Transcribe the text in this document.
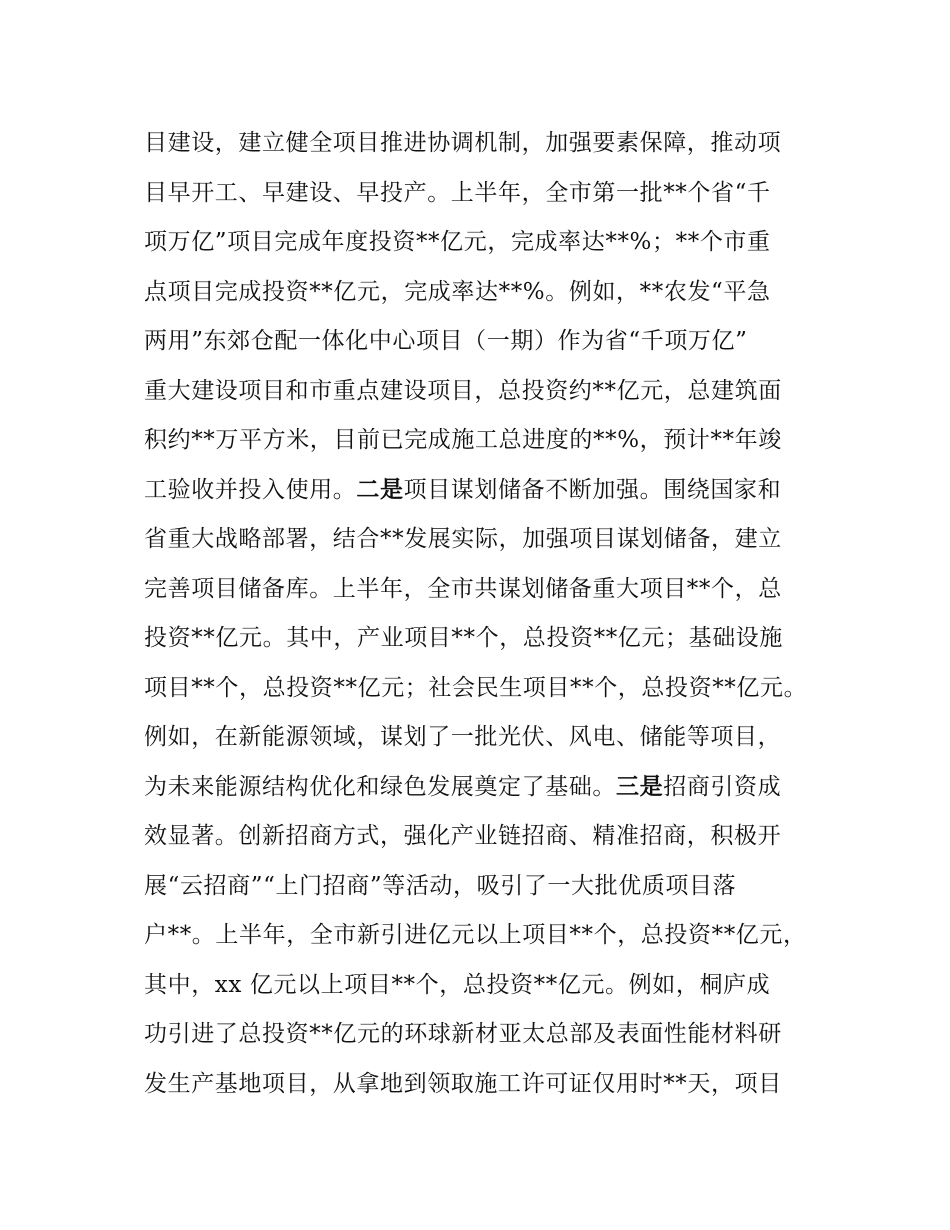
目建设，建立健全项目推进协调机制，加强要素保障，推动项
目早开工、早建设、早投产。上半年，全市第一批**个省“千
项万亿”项目完成年度投资**亿元，完成率达**%；**个市重
点项目完成投资**亿元，完成率达**%。例如，**农发“平急
两用”东郊仓配一体化中心项目（一期）作为省“千项万亿”
重大建设项目和市重点建设项目，总投资约**亿元，总建筑面
积约**万平方米，目前已完成施工总进度的**%，预计**年竣
工验收并投入使用。二是项目谋划储备不断加强。围绕国家和
省重大战略部署，结合**发展实际，加强项目谋划储备，建立
完善项目储备库。上半年，全市共谋划储备重大项目**个，总
投资**亿元。其中，产业项目**个，总投资**亿元；基础设施
项目**个，总投资**亿元；社会民生项目**个，总投资**亿元。
例如，在新能源领域，谋划了一批光伏、风电、储能等项目，
为未来能源结构优化和绿色发展奠定了基础。三是招商引资成
效显著。创新招商方式，强化产业链招商、精准招商，积极开
展“云招商”“上门招商”等活动，吸引了一大批优质项目落
户**。上半年，全市新引进亿元以上项目**个，总投资**亿元，
其中，xx 亿元以上项目**个，总投资**亿元。例如，桐庐成
功引进了总投资**亿元的环球新材亚太总部及表面性能材料研
发生产基地项目，从拿地到领取施工许可证仅用时**天，项目
